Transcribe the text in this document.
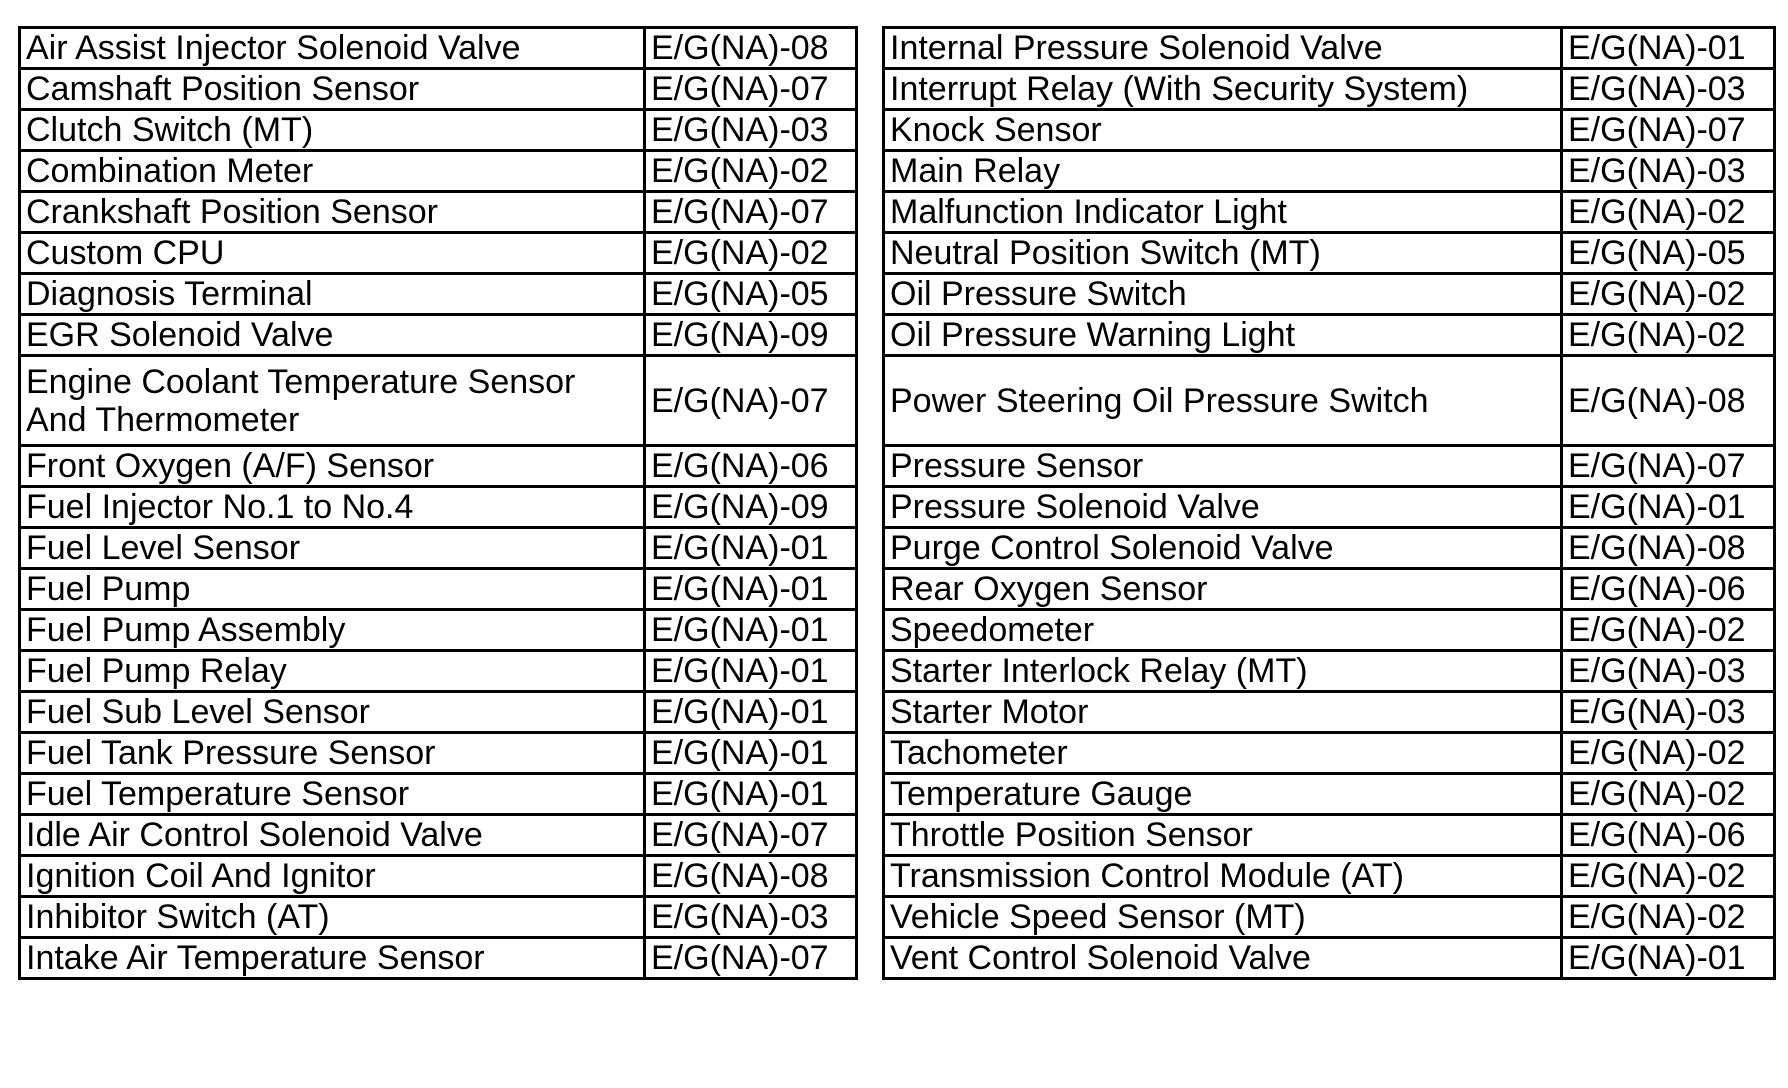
Air Assist Injector Solenoid Valve	E/G(NA)-08
Camshaft Position Sensor	E/G(NA)-07
Clutch Switch (MT)	E/G(NA)-03
Combination Meter	E/G(NA)-02
Crankshaft Position Sensor	E/G(NA)-07
Custom CPU	E/G(NA)-02
Diagnosis Terminal	E/G(NA)-05
EGR Solenoid Valve	E/G(NA)-09
Engine Coolant Temperature Sensor And Thermometer	E/G(NA)-07
Front Oxygen (A/F) Sensor	E/G(NA)-06
Fuel Injector No.1 to No.4	E/G(NA)-09
Fuel Level Sensor	E/G(NA)-01
Fuel Pump	E/G(NA)-01
Fuel Pump Assembly	E/G(NA)-01
Fuel Pump Relay	E/G(NA)-01
Fuel Sub Level Sensor	E/G(NA)-01
Fuel Tank Pressure Sensor	E/G(NA)-01
Fuel Temperature Sensor	E/G(NA)-01
Idle Air Control Solenoid Valve	E/G(NA)-07
Ignition Coil And Ignitor	E/G(NA)-08
Inhibitor Switch (AT)	E/G(NA)-03
Intake Air Temperature Sensor	E/G(NA)-07
Internal Pressure Solenoid Valve	E/G(NA)-01
Interrupt Relay (With Security System)	E/G(NA)-03
Knock Sensor	E/G(NA)-07
Main Relay	E/G(NA)-03
Malfunction Indicator Light	E/G(NA)-02
Neutral Position Switch (MT)	E/G(NA)-05
Oil Pressure Switch	E/G(NA)-02
Oil Pressure Warning Light	E/G(NA)-02
Power Steering Oil Pressure Switch	E/G(NA)-08
Pressure Sensor	E/G(NA)-07
Pressure Solenoid Valve	E/G(NA)-01
Purge Control Solenoid Valve	E/G(NA)-08
Rear Oxygen Sensor	E/G(NA)-06
Speedometer	E/G(NA)-02
Starter Interlock Relay (MT)	E/G(NA)-03
Starter Motor	E/G(NA)-03
Tachometer	E/G(NA)-02
Temperature Gauge	E/G(NA)-02
Throttle Position Sensor	E/G(NA)-06
Transmission Control Module (AT)	E/G(NA)-02
Vehicle Speed Sensor (MT)	E/G(NA)-02
Vent Control Solenoid Valve	E/G(NA)-01
